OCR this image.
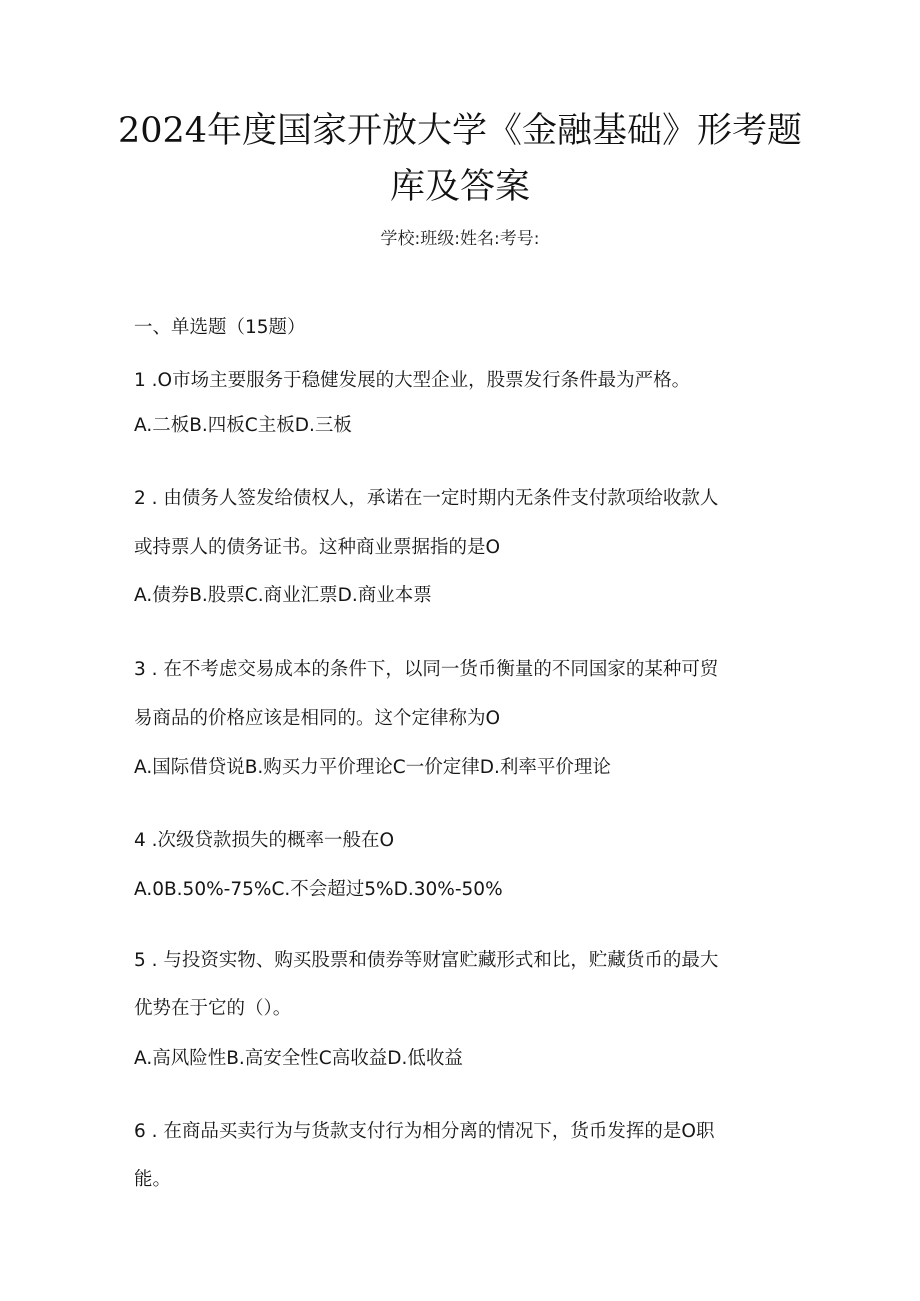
2024年度国家开放大学《金融基础》形考题
库及答案
学校:班级:姓名:考号:
一、单选题（15题）
1 .O市场主要服务于稳健发展的大型企业，股票发行条件最为严格。
A.二板B.四板C主板D.三板
2 . 由债务人签发给债权人，承诺在一定时期内无条件支付款项给收款人
或持票人的债务证书。这种商业票据指的是O
A.债券B.股票C.商业汇票D.商业本票
3 . 在不考虑交易成本的条件下，以同一货币衡量的不同国家的某种可贸
易商品的价格应该是相同的。这个定律称为O
A.国际借贷说B.购买力平价理论C一价定律D.利率平价理论
4 .次级贷款损失的概率一般在O
A.0B.50%-75%C.不会超过5%D.30%-50%
5 . 与投资实物、购买股票和债券等财富贮藏形式和比，贮藏货币的最大
优势在于它的（）。
A.高风险性B.高安全性C高收益D.低收益
6 . 在商品买卖行为与货款支付行为相分离的情况下，货币发挥的是O职
能。
